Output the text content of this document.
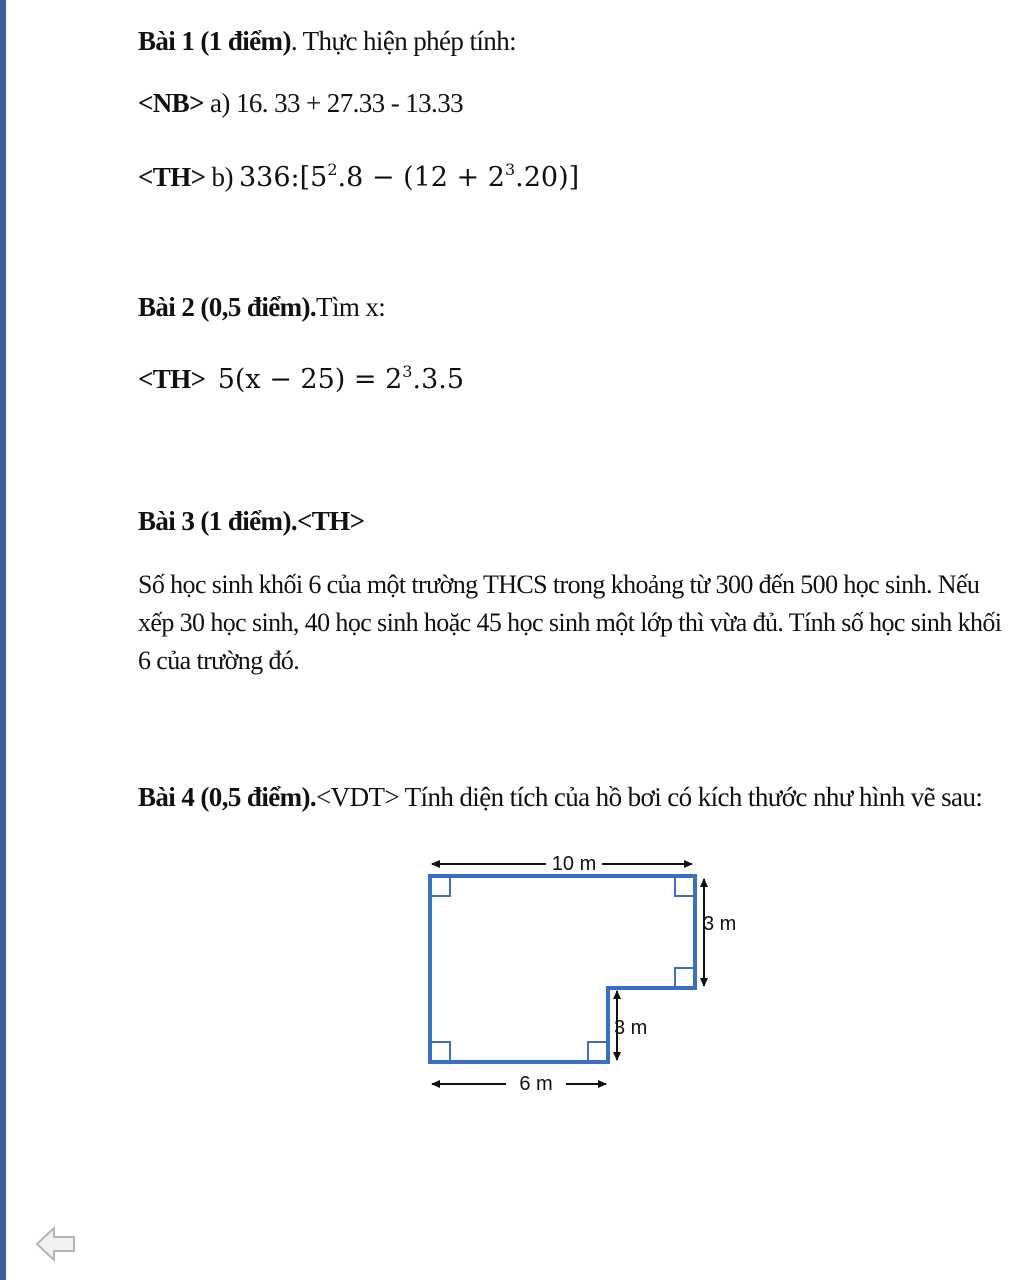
Bài 1 (1 điểm). Thực hiện phép tính:
<NB> a) 16. 33 + 27.33 - 13.33
<TH> b) $336:[5^2.8 - (12 + 2^3.20)]$
Bài 2 (0,5 điểm).Tìm x:
$<TH> 5(x - 25) = 2^3.3.5$
Bài 3 (1 điểm).<TH>
Số học sinh khối 6 của một trường THCS trong khoảng từ 300 đến 500 học sinh. Nếu xếp 30 học sinh, 40 học sinh hoặc 45 học sinh một lớp thì vừa đủ. Tính số học sinh khối 6 của trường đó.
Bài 4 (0,5 điểm).<VDT> Tính diện tích của hồ bơi có kích thước như hình vẽ sau:
10 m
3 m
3 m
6 m
